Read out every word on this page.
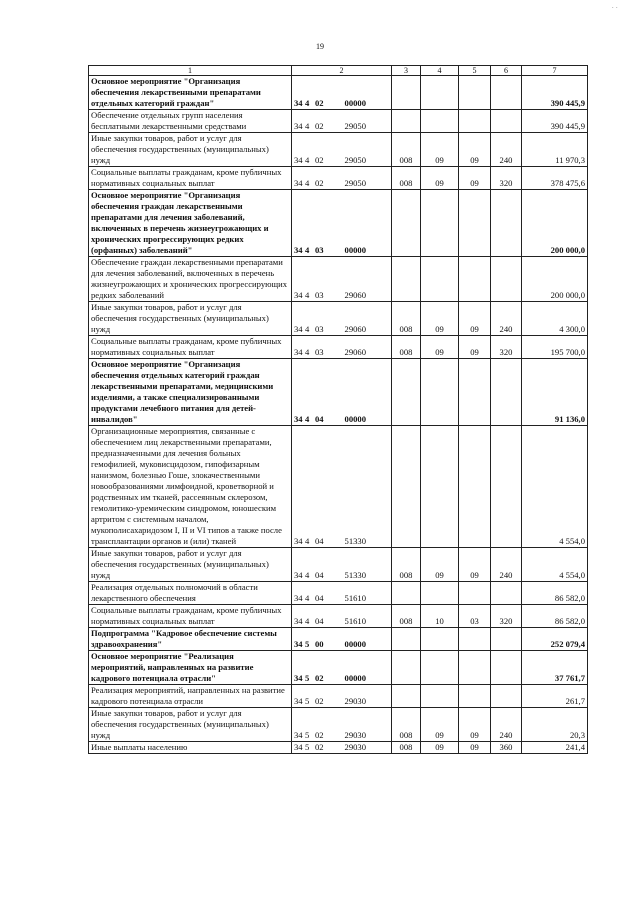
19
1	2	3	4	5	6	7
Основное мероприятие "Организация обеспечения лекарственными препаратами отдельных категорий граждан"	34 4 02 00000					390 445,9
Обеспечение отдельных групп населения бесплатными лекарственными средствами	34 4 02 29050					390 445,9
Иные закупки товаров, работ и услуг для обеспечения государственных (муниципальных) нужд	34 4 02 29050	008	09	09	240	11 970,3
Социальные выплаты гражданам, кроме публичных нормативных социальных выплат	34 4 02 29050	008	09	09	320	378 475,6
Основное мероприятие "Организация обеспечения граждан лекарственными препаратами для лечения заболеваний, включенных в перечень жизнеугрожающих и хронических прогрессирующих редких (орфанных) заболеваний"	34 4 03 00000					200 000,0
Обеспечение граждан лекарственными препаратами для лечения заболеваний, включенных в перечень жизнеугрожающих и хронических прогрессирующих редких заболеваний	34 4 03 29060					200 000,0
Иные закупки товаров, работ и услуг для обеспечения государственных (муниципальных) нужд	34 4 03 29060	008	09	09	240	4 300,0
Социальные выплаты гражданам, кроме публичных нормативных социальных выплат	34 4 03 29060	008	09	09	320	195 700,0
Основное мероприятие "Организация обеспечения отдельных категорий граждан лекарственными препаратами, медицинскими изделиями, а также специализированными продуктами лечебного питания для детей-инвалидов"	34 4 04 00000					91 136,0
Организационные мероприятия, связанные с обеспечением лиц лекарственными препаратами, предназначенными для лечения больных гемофилией, муковисцидозом, гипофизарным нанизмом, болезнью Гоше, злокачественными новообразованиями лимфоидной, кроветворной и родственных им тканей, рассеянным склерозом, гемолитико-уремическим синдромом, юношеским артритом с системным началом, мукополисахаридозом I, II и VI типов а также после трансплантации органов и (или) тканей	34 4 04 51330					4 554,0
Иные закупки товаров, работ и услуг для обеспечения государственных (муниципальных) нужд	34 4 04 51330	008	09	09	240	4 554,0
Реализация отдельных полномочий в области лекарственного обеспечения	34 4 04 51610					86 582,0
Социальные выплаты гражданам, кроме публичных нормативных социальных выплат	34 4 04 51610	008	10	03	320	86 582,0
Подпрограмма "Кадровое обеспечение системы здравоохранения"	34 5 00 00000					252 079,4
Основное мероприятие "Реализация мероприятий, направленных на развитие кадрового потенциала отрасли"	34 5 02 00000					37 761,7
Реализация мероприятий, направленных на развитие кадрового потенциала отрасли	34 5 02 29030					261,7
Иные закупки товаров, работ и услуг для обеспечения государственных (муниципальных) нужд	34 5 02 29030	008	09	09	240	20,3
Иные выплаты населению	34 5 02 29030	008	09	09	360	241,4
· ·
